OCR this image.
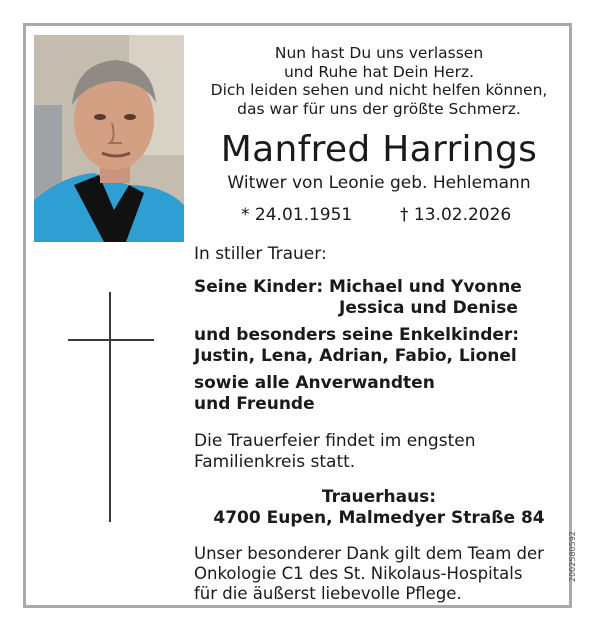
Nun hast Du uns verlassen
und Ruhe hat Dein Herz.
Dich leiden sehen und nicht helfen können,
das war für uns der größte Schmerz.
Manfred Harrings
Witwer von Leonie geb. Hehlemann
* 24.01.1951	† 13.02.2026
In stiller Trauer:
Seine Kinder: Michael und Yvonne
Jessica und Denise
und besonders seine Enkelkinder:
Justin, Lena, Adrian, Fabio, Lionel
sowie alle Anverwandten
und Freunde
Die Trauerfeier findet im engsten
Familienkreis statt.
Trauerhaus:
4700 Eupen, Malmedyer Straße 84
Unser besonderer Dank gilt dem Team der
Onkologie C1 des St. Nikolaus-Hospitals
für die äußerst liebevolle Pflege.
2002580592
